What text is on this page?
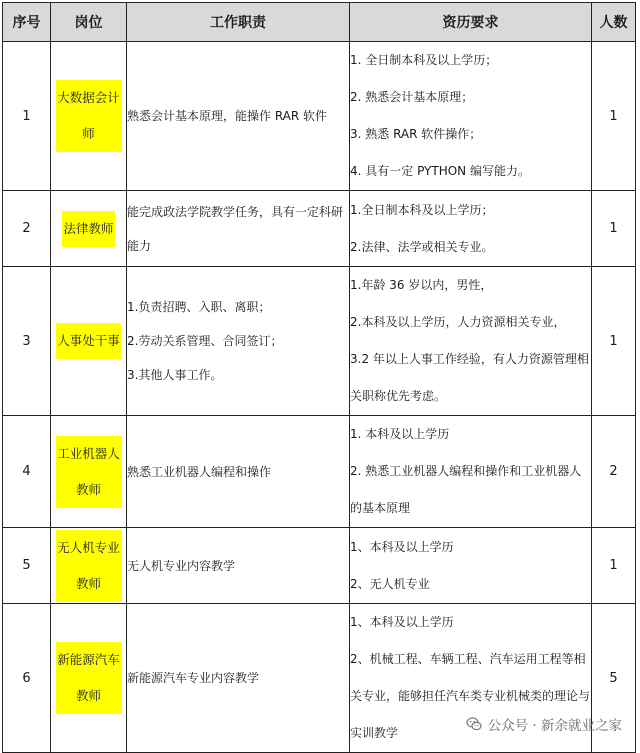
序号	岗位	工作职责	资历要求	人数
1	大数据会计师	熟悉会计基本原理，能操作 RAR 软件	1. 全日制本科及以上学历；
2. 熟悉会计基本原理；
3. 熟悉 RAR 软件操作；
4. 具有一定 PYTHON 编写能力。	1
2	法律教师	能完成政法学院教学任务，具有一定科研能力	1.全日制本科及以上学历；
2.法律、法学或相关专业。	1
3	人事处干事	1.负责招聘、入职、离职；
2.劳动关系管理、合同签订；
3.其他人事工作。	1.年龄 36 岁以内，男性，
2.本科及以上学历，人力资源相关专业，
3.2 年以上人事工作经验，有人力资源管理相关职称优先考虑。	1
4	工业机器人教师	熟悉工业机器人编程和操作	1. 本科及以上学历
2. 熟悉工业机器人编程和操作和工业机器人的基本原理	2
5	无人机专业教师	无人机专业内容教学	1、本科及以上学历
2、无人机专业	1
6	新能源汽车教师	新能源汽车专业内容教学	1、本科及以上学历
2、机械工程、车辆工程、汽车运用工程等相关专业，能够担任汽车类专业机械类的理论与实训教学	5
公众号 · 新余就业之家
